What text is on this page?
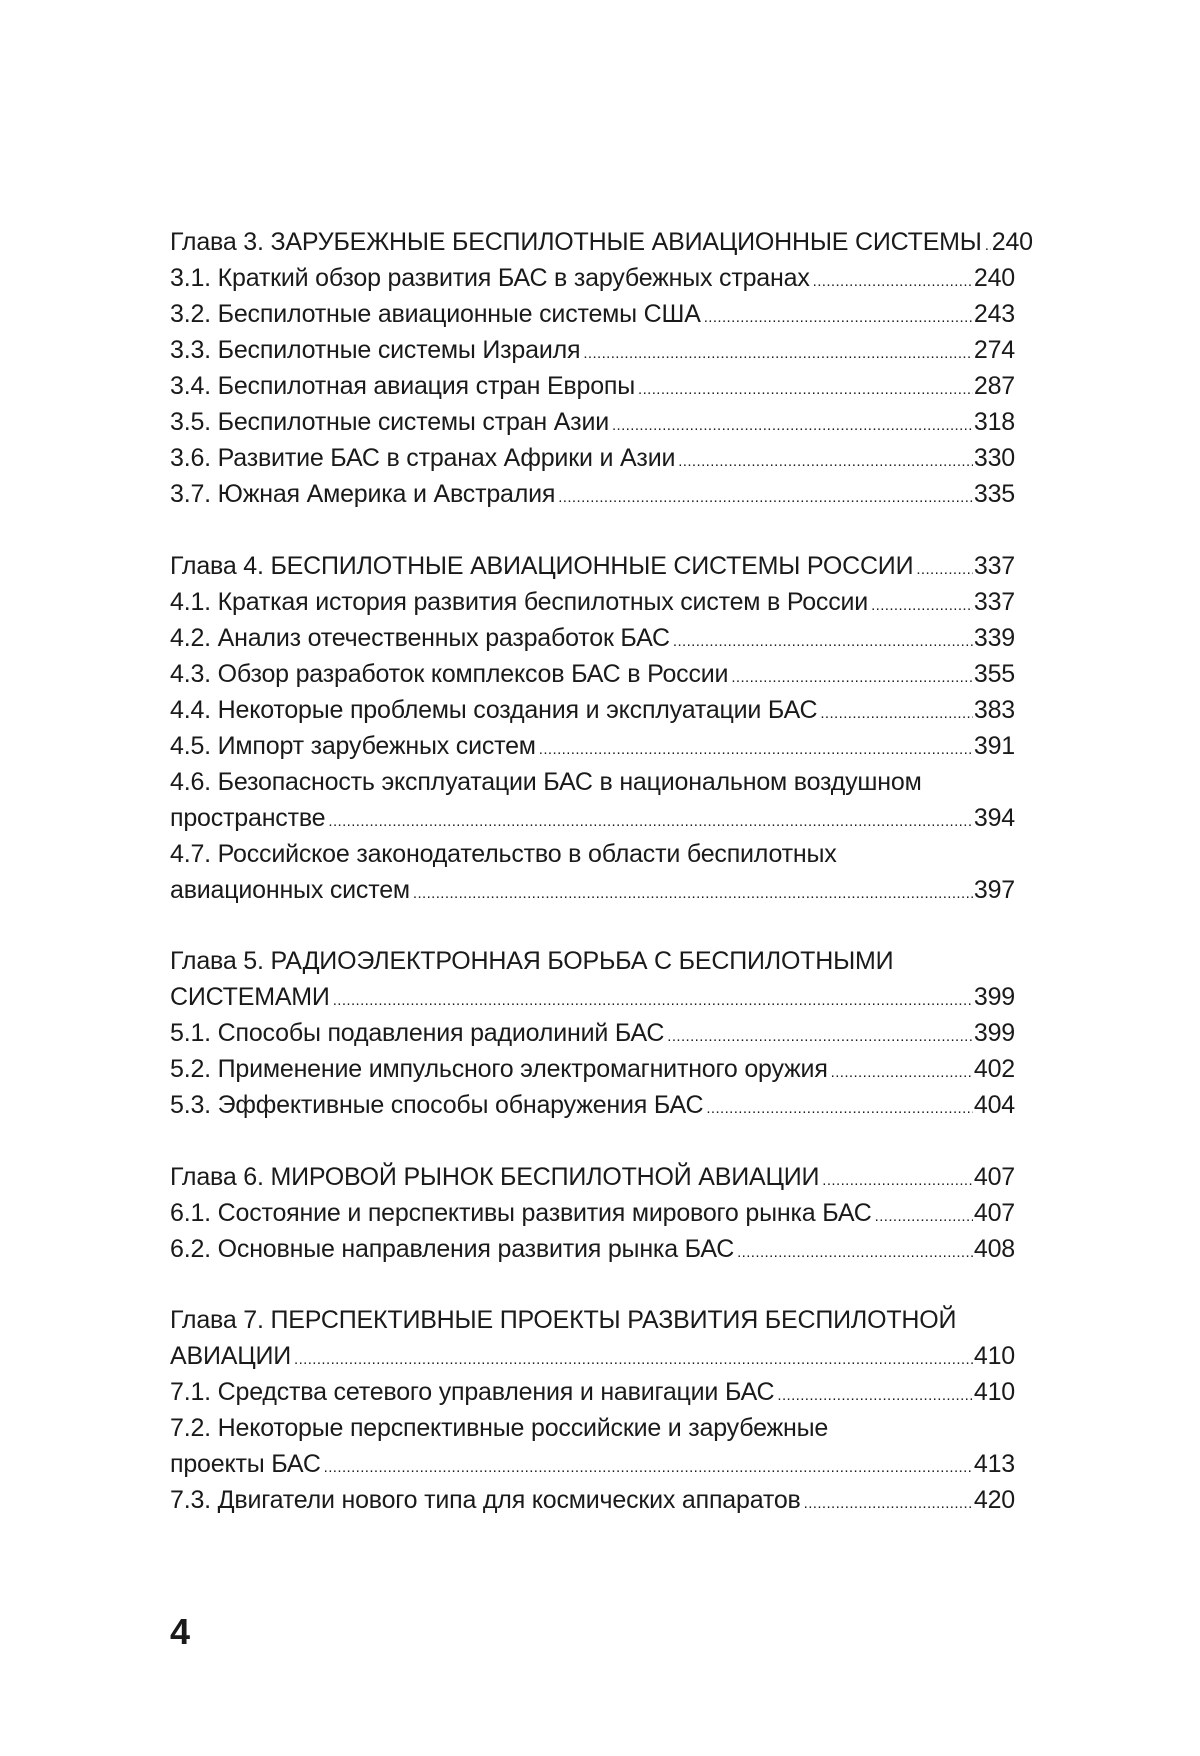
Глава 3. ЗАРУБЕЖНЫЕ БЕСПИЛОТНЫЕ АВИАЦИОННЫЕ СИСТЕМЫ ..... 240
3.1. Краткий обзор развития БАС в зарубежных странах .....	240
3.2. Беспилотные авиационные системы США .....	243
3.3. Беспилотные системы Израиля .....	274
3.4. Беспилотная авиация стран Европы .....	287
3.5. Беспилотные системы стран Азии .....	318
3.6. Развитие БАС в странах Африки и Азии .....	330
3.7. Южная Америка и Австралия .....	335
Глава 4. БЕСПИЛОТНЫЕ АВИАЦИОННЫЕ СИСТЕМЫ РОССИИ ..... 337
4.1. Краткая история развития беспилотных систем в России .....	337
4.2. Анализ отечественных разработок БАС .....	339
4.3. Обзор разработок комплексов БАС в России .....	355
4.4. Некоторые проблемы создания и эксплуатации БАС .....	383
4.5. Импорт зарубежных систем .....	391
4.6. Безопасность эксплуатации БАС в национальном воздушном
пространстве .....	394
4.7. Российское законодательство в области беспилотных
авиационных систем .....	397
Глава 5. РАДИОЭЛЕКТРОННАЯ БОРЬБА С БЕСПИЛОТНЫМИ
СИСТЕМАМИ .....	399
5.1. Способы подавления радиолиний БАС .....	399
5.2. Применение импульсного электромагнитного оружия .....	402
5.3. Эффективные способы обнаружения БАС .....	404
Глава 6. МИРОВОЙ РЫНОК БЕСПИЛОТНОЙ АВИАЦИИ .....	407
6.1. Состояние и перспективы развития мирового рынка БАС .....	407
6.2. Основные направления развития рынка БАС .....	408
Глава 7. ПЕРСПЕКТИВНЫЕ ПРОЕКТЫ РАЗВИТИЯ БЕСПИЛОТНОЙ
АВИАЦИИ .....	410
7.1. Средства сетевого управления и навигации БАС .....	410
7.2. Некоторые перспективные российские и зарубежные
проекты БАС .....	413
7.3. Двигатели нового типа для космических аппаратов .....	420
4
